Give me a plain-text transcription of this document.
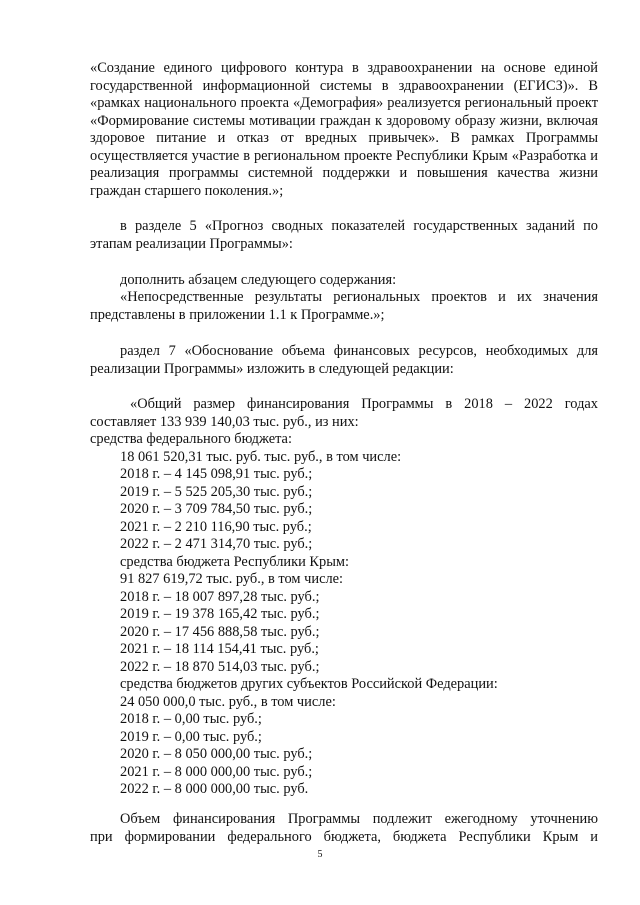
«Создание единого цифрового контура в здравоохранении на основе единой государственной информационной системы в здравоохранении (ЕГИСЗ)». В «рамках национального проекта «Демография» реализуется региональный проект «Формирование системы мотивации граждан к здоровому образу жизни, включая здоровое питание и отказ от вредных привычек». В рамках Программы осуществляется участие в региональном проекте Республики Крым «Разработка и реализация программы системной поддержки и повышения качества жизни граждан старшего поколения.»;
в разделе 5 «Прогноз сводных показателей государственных заданий по этапам реализации Программы»:
дополнить абзацем следующего содержания:
«Непосредственные результаты региональных проектов и их значения представлены в приложении 1.1 к Программе.»;
раздел 7 «Обоснование объема финансовых ресурсов, необходимых для реализации Программы» изложить в следующей редакции:
«Общий размер финансирования Программы в 2018 – 2022 годах составляет 133 939 140,03 тыс. руб., из них:
средства федерального бюджета:
18 061 520,31 тыс. руб. тыс. руб., в том числе:
2018 г. – 4 145 098,91 тыс. руб.;
2019 г. – 5 525 205,30 тыс. руб.;
2020 г. – 3 709 784,50 тыс. руб.;
2021 г. – 2 210 116,90 тыс. руб.;
2022 г. – 2 471 314,70 тыс. руб.;
средства бюджета Республики Крым:
91 827 619,72 тыс. руб., в том числе:
2018 г. – 18 007 897,28 тыс. руб.;
2019 г. – 19 378 165,42 тыс. руб.;
2020 г. – 17 456 888,58 тыс. руб.;
2021 г. – 18 114 154,41 тыс. руб.;
2022 г. – 18 870 514,03 тыс. руб.;
средства бюджетов других субъектов Российской Федерации:
24 050 000,0 тыс. руб., в том числе:
2018 г. – 0,00 тыс. руб.;
2019 г. – 0,00 тыс. руб.;
2020 г. – 8 050 000,00 тыс. руб.;
2021 г. – 8 000 000,00 тыс. руб.;
2022 г. – 8 000 000,00 тыс. руб.
Объем финансирования Программы подлежит ежегодному уточнению
при формировании федерального бюджета, бюджета Республики Крым и
5
